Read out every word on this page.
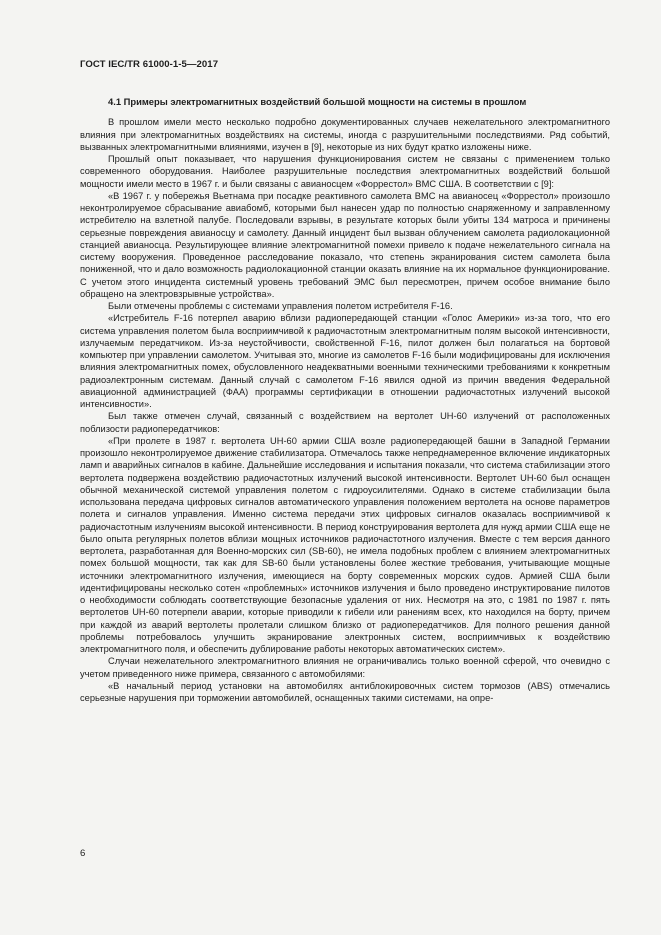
ГОСТ IEC/TR 61000-1-5—2017
4.1 Примеры электромагнитных воздействий большой мощности на системы в прошлом

В прошлом имели место несколько подробно документированных случаев нежелательного электромагнитного влияния при электромагнитных воздействиях на системы, иногда с разрушительными последствиями. Ряд событий, вызванных электромагнитными влияниями, изучен в [9], некоторые из них будут кратко изложены ниже.

Прошлый опыт показывает, что нарушения функционирования систем не связаны с применением только современного оборудования. Наиболее разрушительные последствия электромагнитных воздействий большой мощности имели место в 1967 г. и были связаны с авианосцем «Форрестол» ВМС США. В соответствии с [9]:

«В 1967 г. у побережья Вьетнама при посадке реактивного самолета ВМС на авианосец «Форрестол» произошло неконтролируемое сбрасывание авиабомб, которыми был нанесен удар по полностью снаряженному и заправленному истребителю на взлетной палубе. Последовали взрывы, в результате которых были убиты 134 матроса и причинены серьезные повреждения авианосцу и самолету. Данный инцидент был вызван облучением самолета радиолокационной станцией авианосца. Результирующее влияние электромагнитной помехи привело к подаче нежелательного сигнала на систему вооружения. Проведенное расследование показало, что степень экранирования систем самолета была пониженной, что и дало возможность радиолокационной станции оказать влияние на их нормальное функционирование. С учетом этого инцидента системный уровень требований ЭМС был пересмотрен, причем особое внимание было обращено на электровзрывные устройства».

Были отмечены проблемы с системами управления полетом истребителя F-16.

«Истребитель F-16 потерпел аварию вблизи радиопередающей станции «Голос Америки» из-за того, что его система управления полетом была восприимчивой к радиочастотным электромагнитным полям высокой интенсивности, излучаемым передатчиком. Из-за неустойчивости, свойственной F-16, пилот должен был полагаться на бортовой компьютер при управлении самолетом. Учитывая это, многие из самолетов F-16 были модифицированы для исключения влияния электромагнитных помех, обусловленного неадекватными военными техническими требованиями к конкретным радиоэлектронным системам. Данный случай с самолетом F-16 явился одной из причин введения Федеральной авиационной администрацией (ФАА) программы сертификации в отношении радиочастотных излучений высокой интенсивности».

Был также отмечен случай, связанный с воздействием на вертолет UH-60 излучений от расположенных поблизости радиопередатчиков:

«При пролете в 1987 г. вертолета UH-60 армии США возле радиопередающей башни в Западной Германии произошло неконтролируемое движение стабилизатора. Отмечалось также непреднамеренное включение индикаторных ламп и аварийных сигналов в кабине. Дальнейшие исследования и испытания показали, что система стабилизации этого вертолета подвержена воздействию радиочастотных излучений высокой интенсивности. Вертолет UH-60 был оснащен обычной механической системой управления полетом с гидроусилителями. Однако в системе стабилизации была использована передача цифровых сигналов автоматического управления положением вертолета на основе параметров полета и сигналов управления. Именно система передачи этих цифровых сигналов оказалась восприимчивой к радиочастотным излучениям высокой интенсивности. В период конструирования вертолета для нужд армии США еще не было опыта регулярных полетов вблизи мощных источников радиочастотного излучения. Вместе с тем версия данного вертолета, разработанная для Военно-морских сил (SB-60), не имела подобных проблем с влиянием электромагнитных помех большой мощности, так как для SB-60 были установлены более жесткие требования, учитывающие мощные источники электромагнитного излучения, имеющиеся на борту современных морских судов. Армией США были идентифицированы несколько сотен «проблемных» источников излучения и было проведено инструктирование пилотов о необходимости соблюдать соответствующие безопасные удаления от них. Несмотря на это, с 1981 по 1987 г. пять вертолетов UH-60 потерпели аварии, которые приводили к гибели или ранениям всех, кто находился на борту, причем при каждой из аварий вертолеты пролетали слишком близко от радиопередатчиков. Для полного решения данной проблемы потребовалось улучшить экранирование электронных систем, восприимчивых к воздействию электромагнитного поля, и обеспечить дублирование работы некоторых автоматических систем».

Случаи нежелательного электромагнитного влияния не ограничивались только военной сферой, что очевидно с учетом приведенного ниже примера, связанного с автомобилями:

«В начальный период установки на автомобилях антиблокировочных систем тормозов (ABS) отмечались серьезные нарушения при торможении автомобилей, оснащенных такими системами, на опре-

6
